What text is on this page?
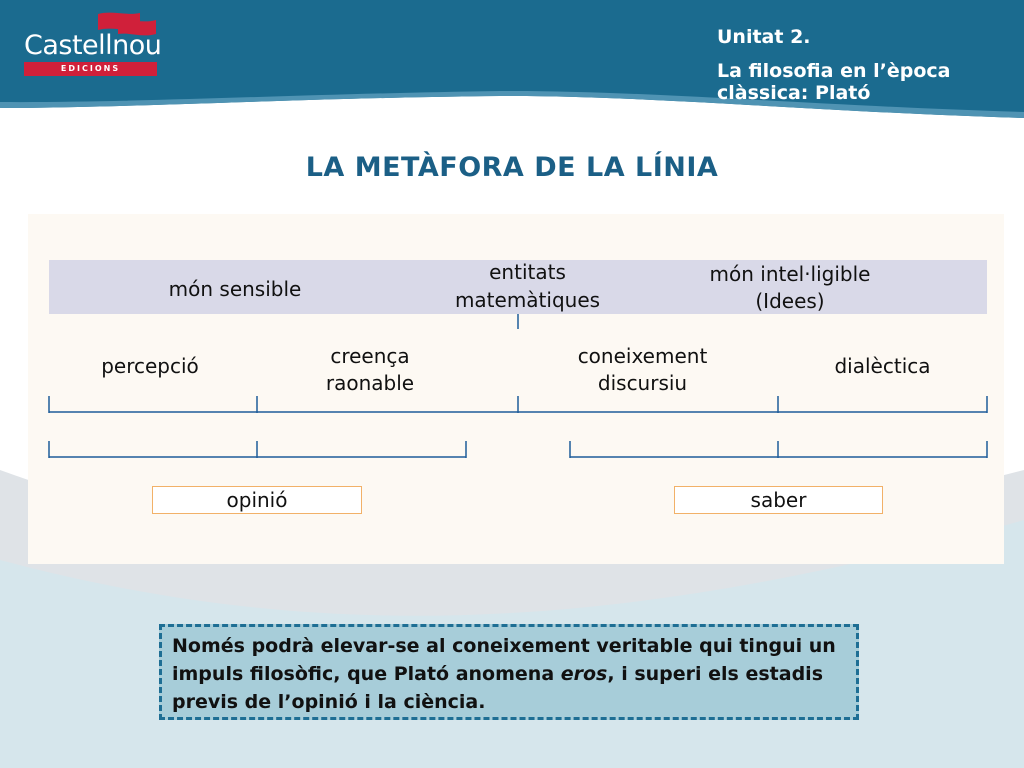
Castellnou
EDICIONS
Unitat 2.
La filosofia en l’època clàssica: Plató
LA METÀFORA DE LA LÍNIA
món sensible
entitats
matemàtiques
món intel·ligible
(Idees)
percepció	creença
raonable
coneixement
discursiu
dialèctica
opinió	saber
Només podrà elevar-se al coneixement veritable qui tingui un impuls filosòfic, que Plató anomena eros, i superi els estadis previs de l’opinió i la ciència.
